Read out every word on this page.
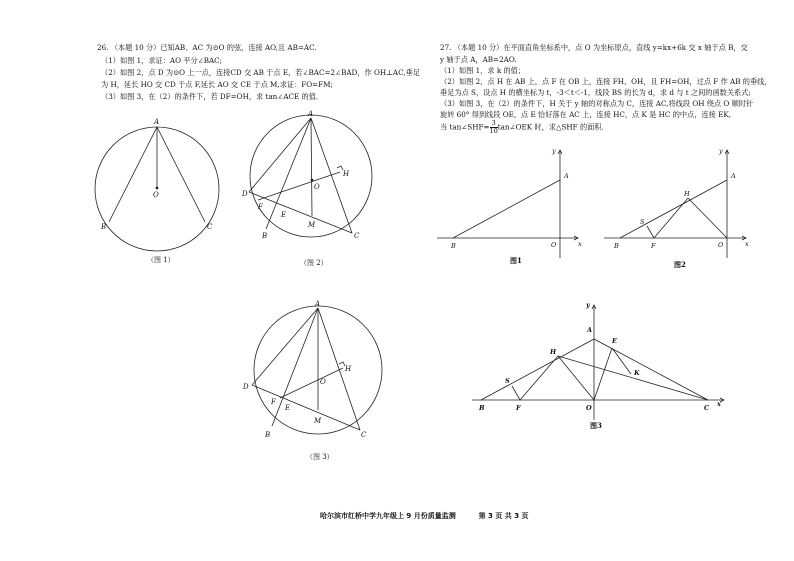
26. （本题 10 分）已知AB、AC 为⊙O 的弦，连接 AO,且 AB=AC.
（1）如图 1，求证：AO 平分∠BAC;
（2）如图 2，点 D 为⊙O 上一点，连接CD 交 AB 于点 E，若∠BAC=2∠BAD，作 OH⊥AC,垂足
为 H，延长 HO 交 CD 于点 F,延长 AO 交 CE 于点 M,求证：FO=FM;
（3）如图 3，在（2）的条件下，若 DF=OH，求 tan∠ACE 的值.
27. （本题 10 分）在平面直角坐标系中，点 O 为坐标原点，直线 y=kx+6k 交 x 轴于点 B，交
y 轴于点 A，AB=2AO.
（1）如图 1，求 k 的值；
（2）如图 2，点 H 在 AB 上，点 F 在 OB 上，连接 FH、OH，且 FH=OH，过点 F 作 AB 的垂线，
垂足为点 S，设点 H 的横坐标为 t，-3＜t＜-1，线段 BS 的长为 d，求 d 与 t 之间的函数关系式;
（3）如图 3，在（2）的条件下，H 关于 y 轴的对称点为 C，连接 AC,将线段 OH 绕点 O 顺时针
旋转 60° 得到线段 OE，点 E 恰好落在 AC 上，连接 HC，点 K 是 HC 的中点，连接 EK,
当 tan∠SHF= $\frac{3}{10}$ tan∠OEK 时，求△SHF 的面积.
A
O
B	C
A
D
H
O
F
E
M
B	C
A
D
H
O
F
E
M
B	C
B	O
A
x
y
B	F
S
H
O
A
x
y
B	F
S
H
A
E
K
O	C x
y
（图 1）	（图 2）
（图 3）
图1	图2
图3
哈尔滨市红桥中学九年级上 9 月份质量监测	第 3 页 共 3 页
